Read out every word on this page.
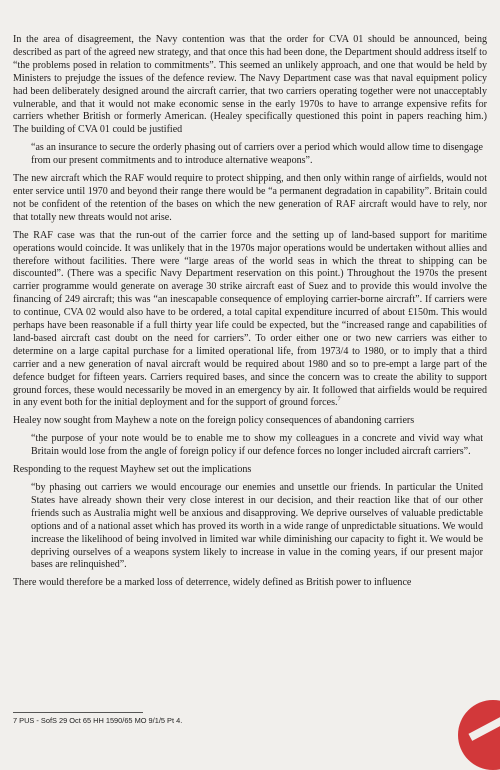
In the area of disagreement, the Navy contention was that the order for CVA 01 should be announced, being described as part of the agreed new strategy, and that once this had been done, the Department should address itself to “the problems posed in relation to commitments”. This seemed an unlikely approach, and one that would be held by Ministers to prejudge the issues of the defence review. The Navy Department case was that naval equipment policy had been deliberately designed around the aircraft carrier, that two carriers operating together were not unacceptably vulnerable, and that it would not make economic sense in the early 1970s to have to arrange expensive refits for carriers whether British or formerly American. (Healey specifically questioned this point in papers reaching him.) The building of CVA 01 could be justified

“as an insurance to secure the orderly phasing out of carriers over a period which would allow time to disengage from our present commitments and to introduce alternative weapons”.

The new aircraft which the RAF would require to protect shipping, and then only within range of airfields, would not enter service until 1970 and beyond their range there would be “a permanent degradation in capability”. Britain could not be confident of the retention of the bases on which the new generation of RAF aircraft would have to rely, nor that totally new threats would not arise.

The RAF case was that the run-out of the carrier force and the setting up of land-based support for maritime operations would coincide. It was unlikely that in the 1970s major operations would be undertaken without allies and therefore without facilities. There were “large areas of the world seas in which the threat to shipping can be discounted”. (There was a specific Navy Department reservation on this point.) Throughout the 1970s the present carrier programme would generate on average 30 strike aircraft east of Suez and to provide this would involve the financing of 249 aircraft; this was “an inescapable consequence of employing carrier-borne aircraft”. If carriers were to continue, CVA 02 would also have to be ordered, a total capital expenditure incurred of about £150m. This would perhaps have been reasonable if a full thirty year life could be expected, but the “increased range and capabilities of land-based aircraft cast doubt on the need for carriers”. To order either one or two new carriers was either to determine on a large capital purchase for a limited operational life, from 1973/4 to 1980, or to imply that a third carrier and a new generation of naval aircraft would be required about 1980 and so to pre-empt a large part of the defence budget for fifteen years. Carriers required bases, and since the concern was to create the ability to support ground forces, these would necessarily be moved in an emergency by air. It followed that airfields would be required in any event both for the initial deployment and for the support of ground forces.$^7$

Healey now sought from Mayhew a note on the foreign policy consequences of abandoning carriers

“the purpose of your note would be to enable me to show my colleagues in a concrete and vivid way what Britain would lose from the angle of foreign policy if our defence forces no longer included aircraft carriers”.

Responding to the request Mayhew set out the implications

“by phasing out carriers we would encourage our enemies and unsettle our friends. In particular the United States have already shown their very close interest in our decision, and their reaction like that of our other friends such as Australia might well be anxious and disapproving. We deprive ourselves of valuable predictable options and of a national asset which has proved its worth in a wide range of unpredictable situations. We would increase the likelihood of being involved in limited war while diminishing our capacity to fight it. We would be depriving ourselves of a weapons system likely to increase in value in the coming years, if our present major bases are relinquished”.

There would therefore be a marked loss of deterrence, widely defined as British power to influence

7 PUS - SofS 29 Oct 65 HH 1590/65 MO 9/1/5 Pt 4.
